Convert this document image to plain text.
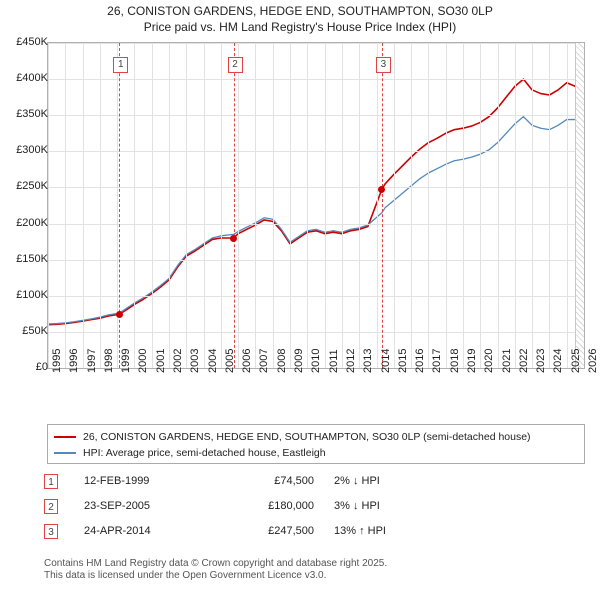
26, CONISTON GARDENS, HEDGE END, SOUTHAMPTON, SO30 0LP
Price paid vs. HM Land Registry's House Price Index (HPI)
1	2	3
26, CONISTON GARDENS, HEDGE END, SOUTHAMPTON, SO30 0LP (semi-detached house)
HPI: Average price, semi-detached house, Eastleigh
1	12-FEB-1999	£74,500 2% ↓ HPI
2	23-SEP-2005	£180,000 3% ↓ HPI
3	24-APR-2014	£247,500 13% ↑ HPI
Contains HM Land Registry data © Crown copyright and database right 2025.
This data is licensed under the Open Government Licence v3.0.
£0
£50K
£100K
£150K
£200K
£250K
£300K
£350K
£400K
£450K
1995 1996 1997 1998 1999 2000 2001 2002 2003 2004 2005 2006 2007 2008 2009 2010 2011 2012 2013 2014 2015 2016 2017 2018 2019 2020 2021 2022 2023 2024 2025 2026
